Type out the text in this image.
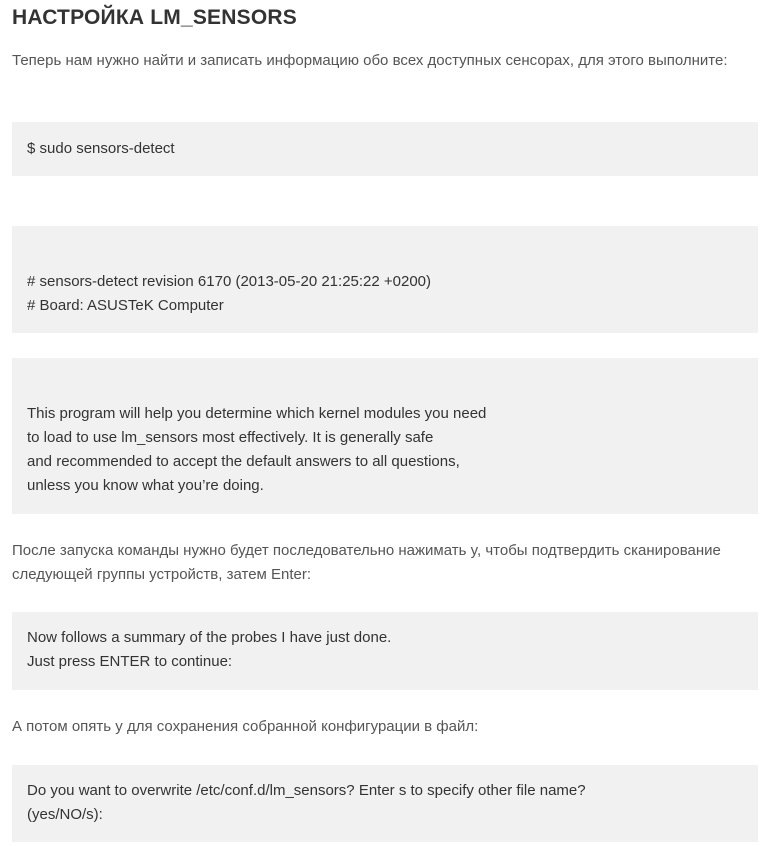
НАСТРОЙКА LM_SENSORS

Теперь нам нужно найти и записать информацию обо всех доступных сенсорах, для этого выполните:

$ sudo sensors-detect
# sensors-detect revision 6170 (2013-05-20 21:25:22 +0200)
# Board: ASUSTeK Computer
This program will help you determine which kernel modules you need
to load to use lm_sensors most effectively. It is generally safe
and recommended to accept the default answers to all questions,
unless you know what you’re doing.

После запуска команды нужно будет последовательно нажимать y, чтобы подтвердить сканирование следующей группы устройств, затем Enter:

Now follows a summary of the probes I have just done.
Just press ENTER to continue:

А потом опять y для сохранения собранной конфигурации в файл:

Do you want to overwrite /etc/conf.d/lm_sensors? Enter s to specify other file name?
(yes/NO/s):
